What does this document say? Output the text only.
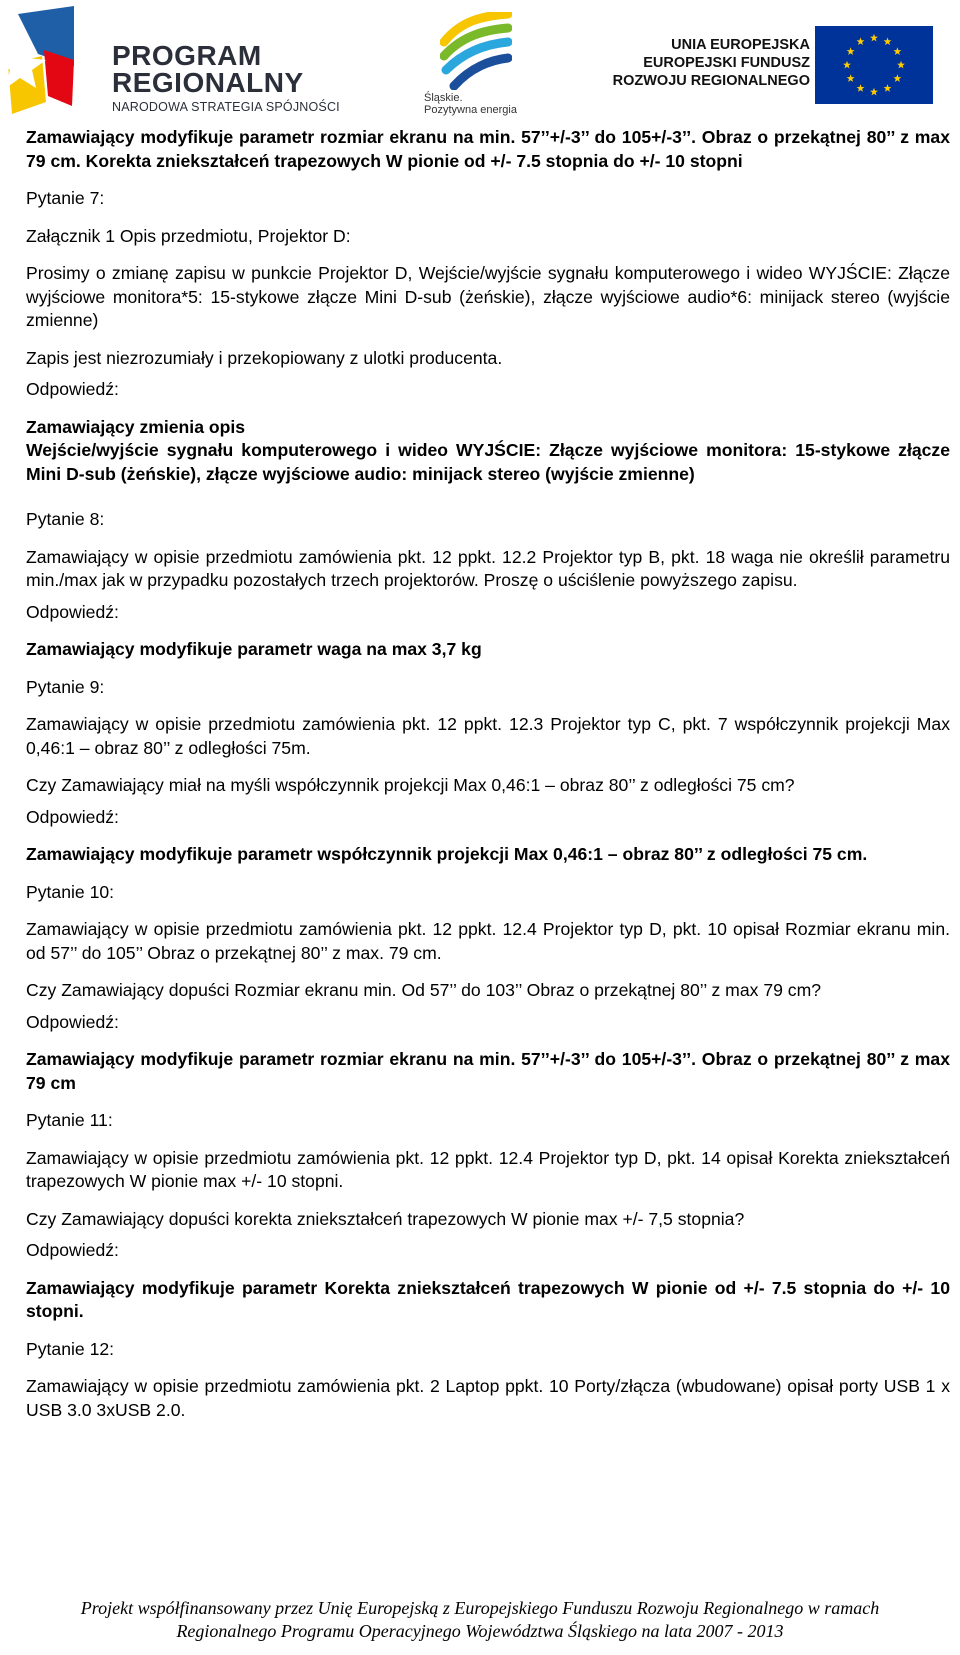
PROGRAM
REGIONALNY
NARODOWA STRATEGIA SPÓJNOŚCI
Śląskie.
Pozytywna energia
UNIA EUROPEJSKA
EUROPEJSKI FUNDUSZ
ROZWOJU REGIONALNEGO

Zamawiający modyfikuje parametr rozmiar ekranu na min. 57’’+/-3’’ do 105+/-3’’. Obraz o przekątnej 80’’ z max 79 cm. Korekta zniekształceń trapezowych W pionie od +/- 7.5 stopnia do +/- 10 stopni

Pytanie 7:

Załącznik 1 Opis przedmiotu, Projektor D:

Prosimy o zmianę zapisu w punkcie Projektor D, Wejście/wyjście sygnału komputerowego i wideo WYJŚCIE: Złącze wyjściowe monitora*5: 15-stykowe złącze Mini D-sub (żeńskie), złącze wyjściowe audio*6: minijack stereo (wyjście zmienne)

Zapis jest niezrozumiały i przekopiowany z ulotki producenta.

Odpowiedź:

Zamawiający zmienia opis

Wejście/wyjście sygnału komputerowego i wideo WYJŚCIE: Złącze wyjściowe monitora: 15-stykowe złącze Mini D-sub (żeńskie), złącze wyjściowe audio: minijack stereo (wyjście zmienne)

Pytanie 8:

Zamawiający w opisie przedmiotu zamówienia pkt. 12 ppkt. 12.2 Projektor typ B, pkt. 18 waga nie określił parametru min./max jak w przypadku pozostałych trzech projektorów. Proszę o uściślenie powyższego zapisu.

Odpowiedź:

Zamawiający modyfikuje parametr waga na max 3,7 kg

Pytanie 9:

Zamawiający w opisie przedmiotu zamówienia pkt. 12 ppkt. 12.3 Projektor typ C, pkt. 7 współczynnik projekcji Max 0,46:1 – obraz 80’’ z odległości 75m.

Czy Zamawiający miał na myśli współczynnik projekcji Max 0,46:1 – obraz 80’’ z odległości 75 cm?

Odpowiedź:

Zamawiający modyfikuje parametr współczynnik projekcji Max 0,46:1 – obraz 80’’ z odległości 75 cm.

Pytanie 10:

Zamawiający w opisie przedmiotu zamówienia pkt. 12 ppkt. 12.4 Projektor typ D, pkt. 10 opisał Rozmiar ekranu min. od 57’’ do 105’’ Obraz o przekątnej 80’’ z max. 79 cm.

Czy Zamawiający dopuści Rozmiar ekranu min. Od 57’’ do 103’’ Obraz o przekątnej 80’’ z max 79 cm?

Odpowiedź:

Zamawiający modyfikuje parametr rozmiar ekranu na min. 57’’+/-3’’ do 105+/-3’’. Obraz o przekątnej 80’’ z max 79 cm

Pytanie 11:

Zamawiający w opisie przedmiotu zamówienia pkt. 12 ppkt. 12.4 Projektor typ D, pkt. 14 opisał Korekta zniekształceń trapezowych W pionie max +/- 10 stopni.

Czy Zamawiający dopuści korekta zniekształceń trapezowych W pionie max +/- 7,5 stopnia?

Odpowiedź:

Zamawiający modyfikuje parametr Korekta zniekształceń trapezowych W pionie od +/- 7.5 stopnia do +/- 10 stopni.

Pytanie 12:

Zamawiający w opisie przedmiotu zamówienia pkt. 2 Laptop ppkt. 10 Porty/złącza (wbudowane) opisał porty USB 1 x USB 3.0 3xUSB 2.0.

Projekt współfinansowany przez Unię Europejską z Europejskiego Funduszu Rozwoju Regionalnego w ramach
Regionalnego Programu Operacyjnego Województwa Śląskiego na lata 2007 - 2013
